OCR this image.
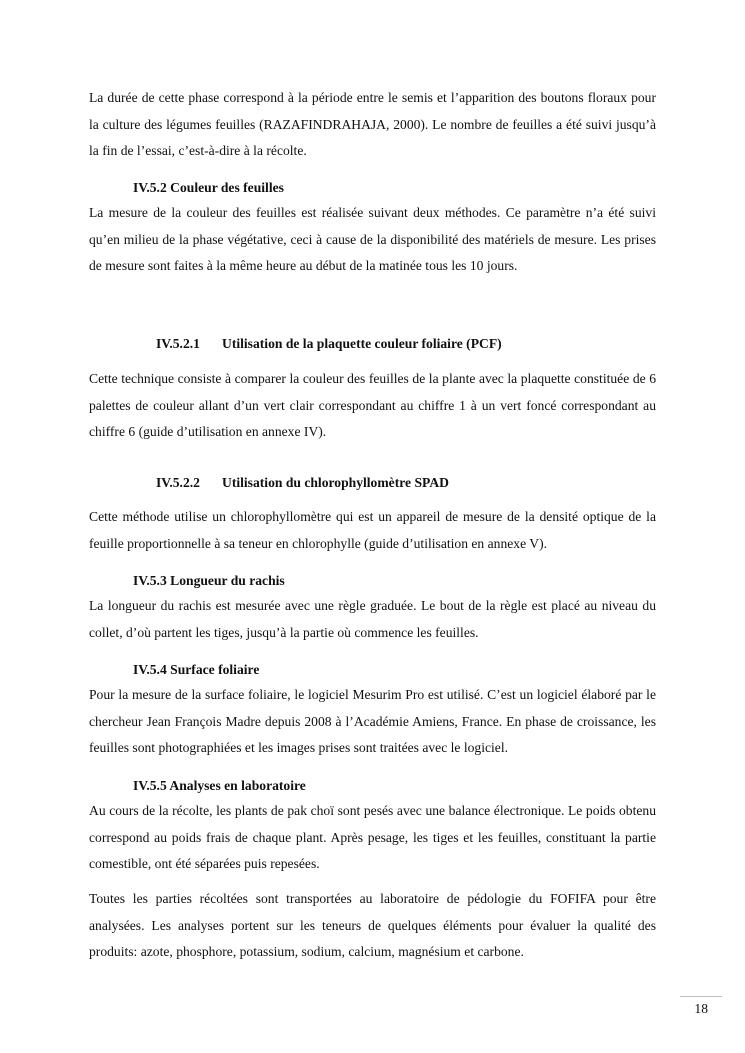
La durée de cette phase correspond à la période entre le semis et l’apparition des boutons floraux pour la culture des légumes feuilles (RAZAFINDRAHAJA, 2000). Le nombre de feuilles a été suivi jusqu’à la fin de l’essai, c’est-à-dire à la récolte.

IV.5.2 Couleur des feuilles

La mesure de la couleur des feuilles est réalisée suivant deux méthodes. Ce paramètre n’a été suivi qu’en milieu de la phase végétative, ceci à cause de la disponibilité des matériels de mesure. Les prises de mesure sont faites à la même heure au début de la matinée tous les 10 jours.

IV.5.2.1 Utilisation de la plaquette couleur foliaire (PCF)

Cette technique consiste à comparer la couleur des feuilles de la plante avec la plaquette constituée de 6 palettes de couleur allant d’un vert clair correspondant au chiffre 1 à un vert foncé correspondant au chiffre 6 (guide d’utilisation en annexe IV).

IV.5.2.2 Utilisation du chlorophyllomètre SPAD

Cette méthode utilise un chlorophyllomètre qui est un appareil de mesure de la densité optique de la feuille proportionnelle à sa teneur en chlorophylle (guide d’utilisation en annexe V).

IV.5.3 Longueur du rachis

La longueur du rachis est mesurée avec une règle graduée. Le bout de la règle est placé au niveau du collet, d’où partent les tiges, jusqu’à la partie où commence les feuilles.

IV.5.4 Surface foliaire

Pour la mesure de la surface foliaire, le logiciel Mesurim Pro est utilisé. C’est un logiciel élaboré par le chercheur Jean François Madre depuis 2008 à l’Académie Amiens, France. En phase de croissance, les feuilles sont photographiées et les images prises sont traitées avec le logiciel.

IV.5.5 Analyses en laboratoire

Au cours de la récolte, les plants de pak choï sont pesés avec une balance électronique. Le poids obtenu correspond au poids frais de chaque plant. Après pesage, les tiges et les feuilles, constituant la partie comestible, ont été séparées puis repesées.

Toutes les parties récoltées sont transportées au laboratoire de pédologie du FOFIFA pour être analysées. Les analyses portent sur les teneurs de quelques éléments pour évaluer la qualité des produits: azote, phosphore, potassium, sodium, calcium, magnésium et carbone.

18
